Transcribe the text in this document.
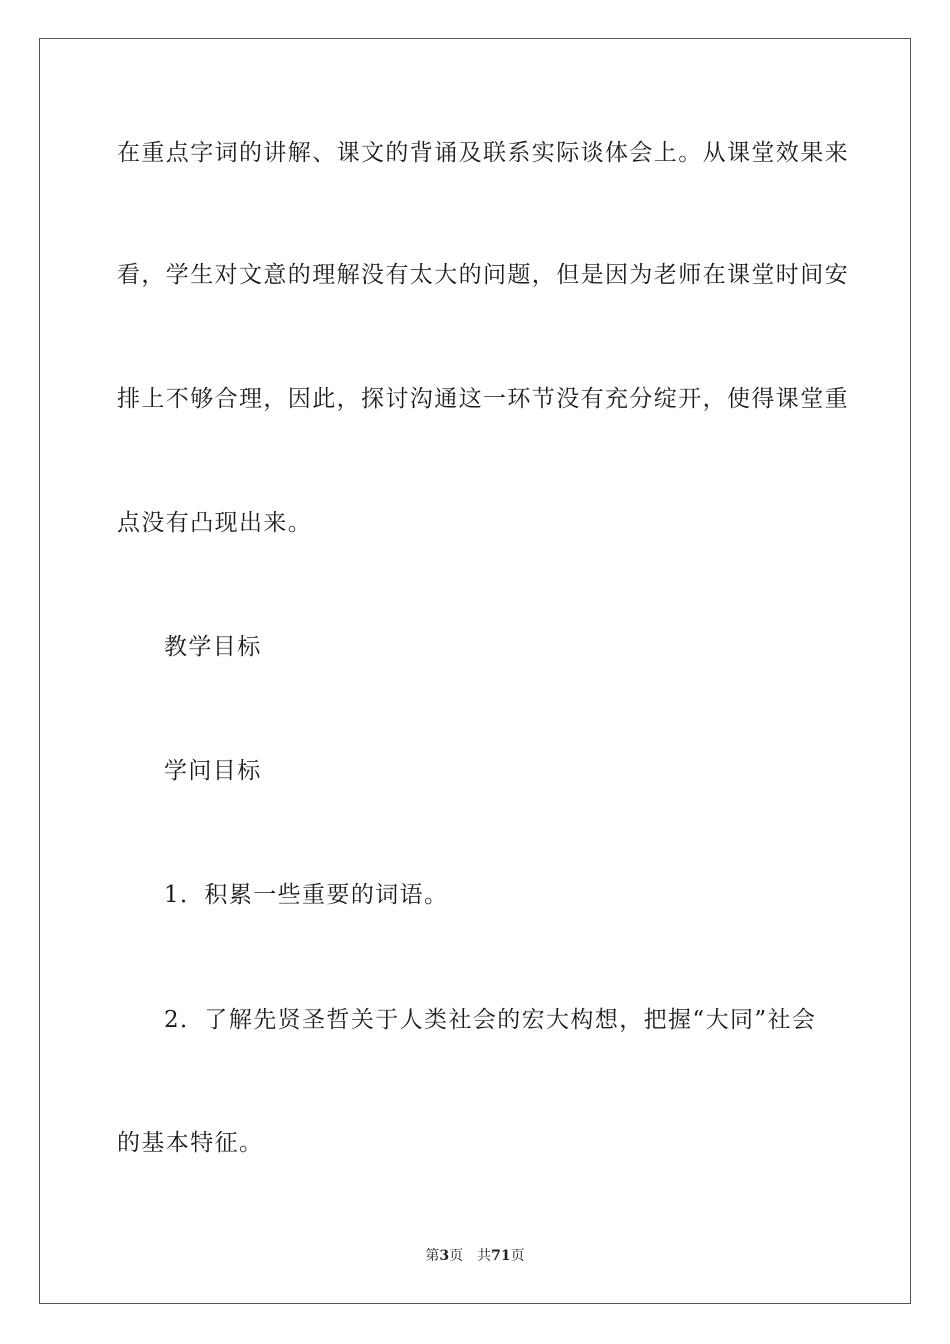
在重点字词的讲解、课文的背诵及联系实际谈体会上。从课堂效果来
看，学生对文意的理解没有太大的问题，但是因为老师在课堂时间安
排上不够合理，因此，探讨沟通这一环节没有充分绽开，使得课堂重
点没有凸现出来。
教学目标
学问目标
1．积累一些重要的词语。
2．了解先贤圣哲关于人类社会的宏大构想，把握“大同”社会
的基本特征。
第3页 共71页
